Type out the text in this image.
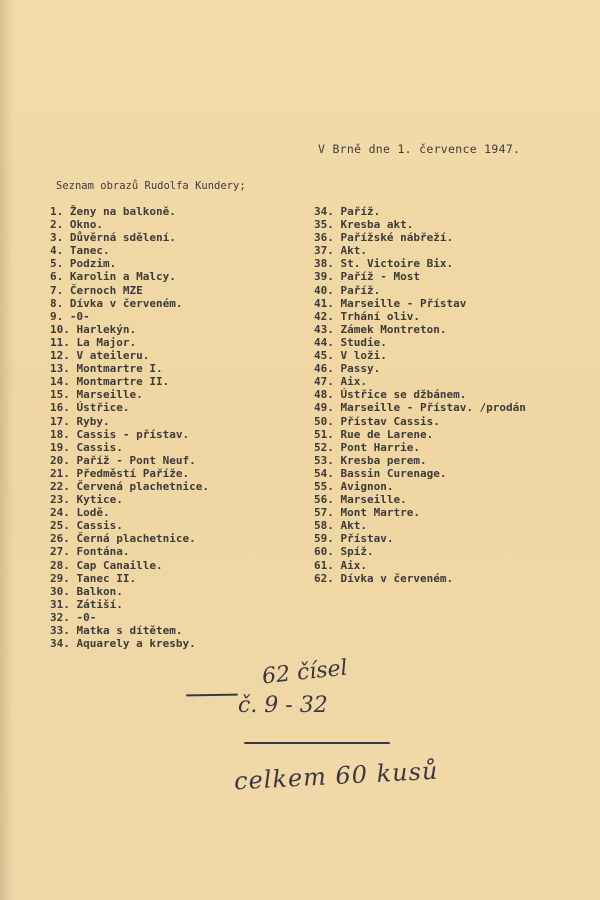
V Brně dne 1. července 1947.
Seznam obrazů Rudolfa Kundery;
1. Ženy na balkoně.
2. Okno.
3. Důvěrná sdělení.
4. Tanec.
5. Podzim.
6. Karolin a Malcy.
7. Černoch MZE
8. Dívka v červeném.
9. -0-
10. Harlekýn.
11. La Major.
12. V ateileru.
13. Montmartre I.
14. Montmartre II.
15. Marseille.
16. Ústřice.
17. Ryby.
18. Cassis - přístav.
19. Cassis.
20. Paříž - Pont Neuf.
21. Předměstí Paříže.
22. Červená plachetnice.
23. Kytice.
24. Lodě.
25. Cassis.
26. Černá plachetnice.
27. Fontána.
28. Cap Canaille.
29. Tanec II.
30. Balkon.
31. Zátiší.
32. -0-
33. Matka s dítětem.
34. Aquarely a kresby.
34. Paříž.
35. Kresba akt.
36. Pařížské nábřeží.
37. Akt.
38. St. Victoire Bix.
39. Paříž - Most
40. Paříž.
41. Marseille - Přístav
42. Trhání oliv.
43. Zámek Montreton.
44. Studie.
45. V loži.
46. Passy.
47. Aix.
48. Ústřice se džbánem.
49. Marseille - Přístav. /prodán
50. Přístav Cassis.
51. Rue de Larene.
52. Pont Harrie.
53. Kresba perem.
54. Bassin Curenage.
55. Avignon.
56. Marseille.
57. Mont Martre.
58. Akt.
59. Přístav.
60. Spíž.
61. Aix.
62. Dívka v červeném.
62 čísel
č. 9 - 32
celkem 60 kusů
